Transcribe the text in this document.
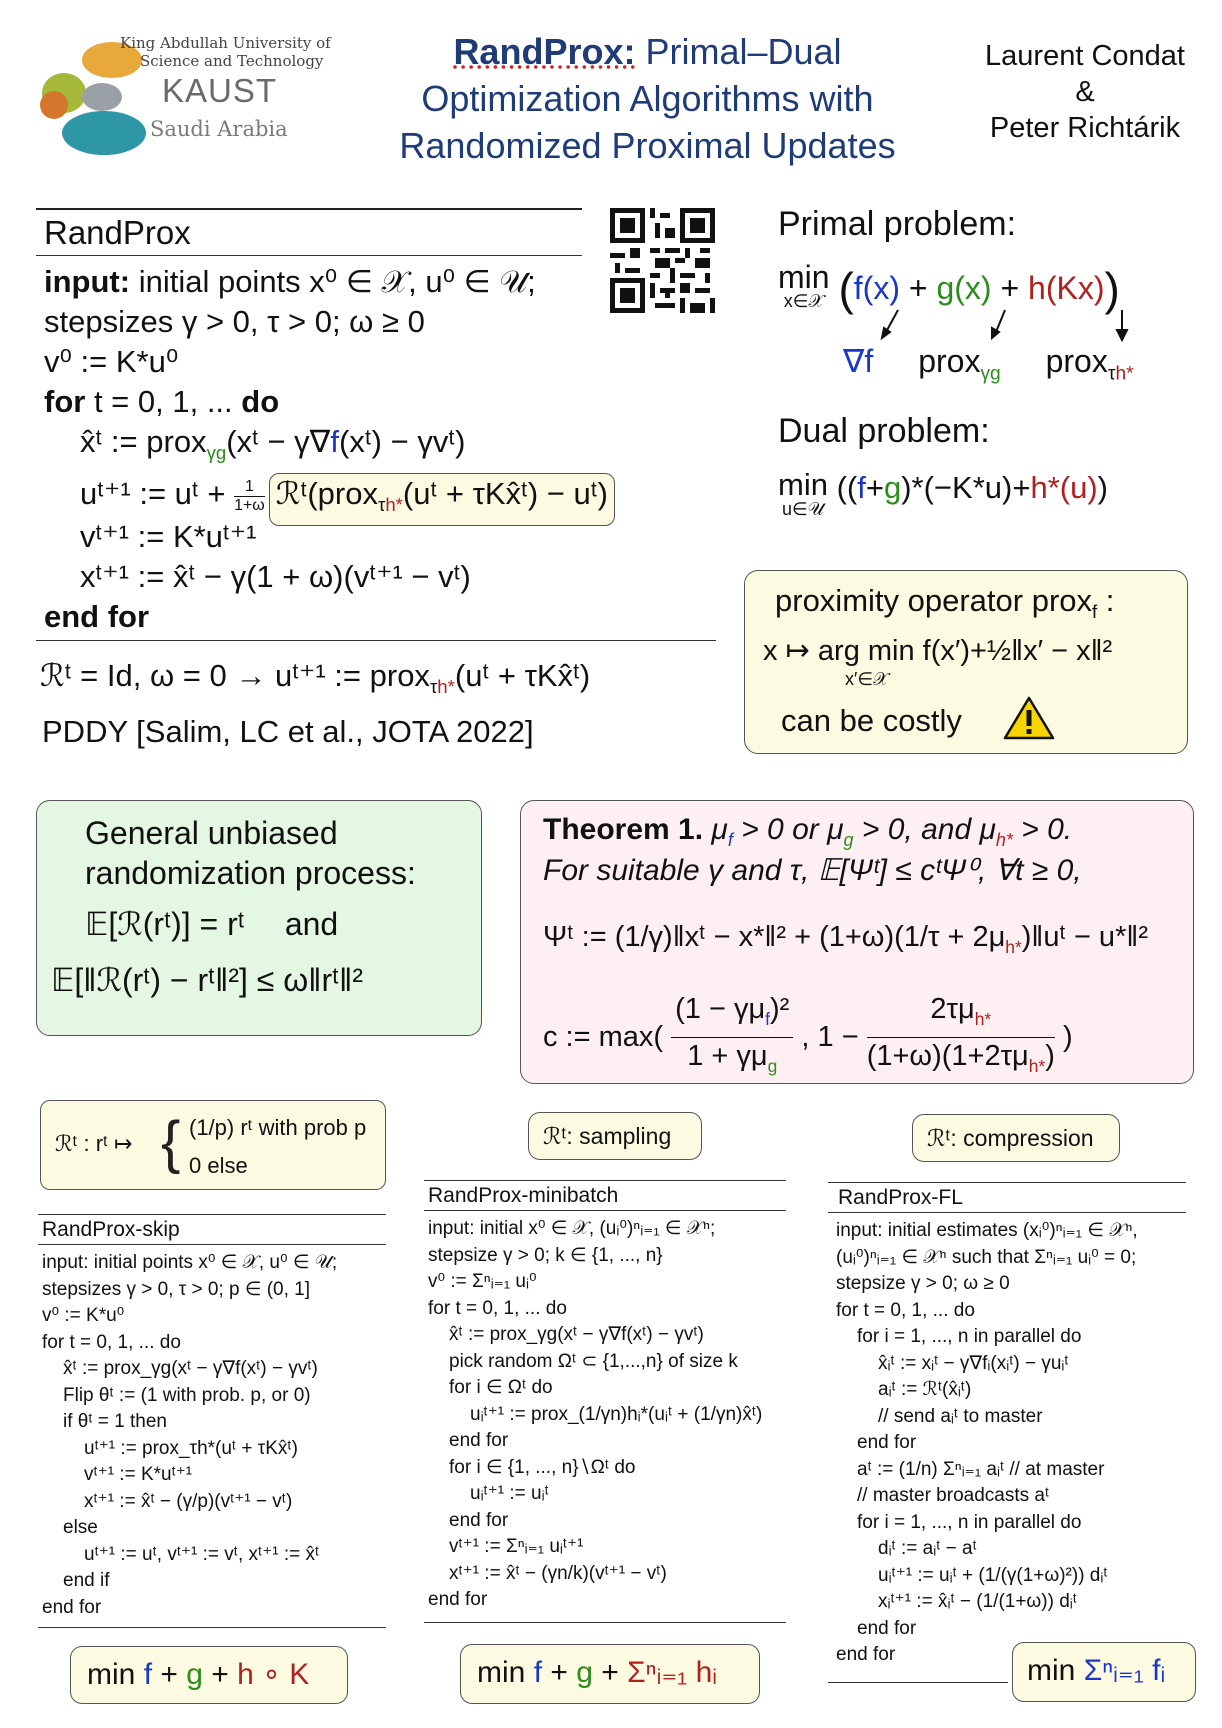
King Abdullah University of
Science and Technology
KAUST
Saudi Arabia
RandProx: Primal–Dual
Optimization Algorithms with
Randomized Proximal Updates
Laurent Condat
&
Peter Richtárik
RandProx
input: initial points x⁰ ∈ 𝒳, u⁰ ∈ 𝒰;
stepsizes γ > 0, τ > 0; ω ≥ 0
v⁰ := K*u⁰
for t = 0, 1, ... do
x̂ᵗ := prox$_{\gamma g}$(xᵗ − γ∇f(xᵗ) − γvᵗ)
uᵗ⁺¹ := uᵗ + $\frac{1}{1+\omega}$ ℛᵗ(prox$_{\tau h*}$(uᵗ + τKx̂ᵗ) − uᵗ)
vᵗ⁺¹ := K*uᵗ⁺¹
xᵗ⁺¹ := x̂ᵗ − γ(1 + ω)(vᵗ⁺¹ − vᵗ)
end for
ℛᵗ = Id, ω = 0 → uᵗ⁺¹ := prox$_{\tau h*}$(uᵗ + τKx̂ᵗ)
PDDY [Salim, LC et al., JOTA 2022]
Primal problem:
min
x∈𝒳 (f(x) + g(x) + h(Kx))
∇f prox$_{\gamma g}$ prox$_{\tau h*}$
Dual problem:
min
u∈𝒰
((f+g)*(−K*u)+h*(u))
proximity operator prox$_f$ :
x ↦ arg min f(x′)+½‖x′ − x‖²
x′∈𝒳
can be costly
General unbiased
randomization process:
𝔼[ℛ(rᵗ)] = rᵗ and
𝔼[‖ℛ(rᵗ) − rᵗ‖²] ≤ ω‖rᵗ‖²
Theorem 1. $\mu_f > 0$ or $\mu_g > 0$, and $\mu_{h*} > 0$.
For suitable γ and τ, 𝔼[Ψᵗ] ≤ cᵗΨ⁰, ∀t ≥ 0,
Ψᵗ := (1/γ)‖xᵗ − x*‖² + $(1+\omega)(1/\tau + 2\mu_{h*})‖uᵗ$ − u*‖²
c := max(
$(1 - \gamma\mu_f)^2$
$1 + \gamma\mu_g$
, 1 −
$2\tau\mu_{h*}$
$(1+\omega)(1+2\tau\mu_{h*})$
)
ℛᵗ : rᵗ ↦ { (1/p) rᵗ with prob p
0 else
RandProx-skip
input: initial points x⁰ ∈ 𝒳, u⁰ ∈ 𝒰;
stepsizes γ > 0, τ > 0; p ∈ (0, 1]
v⁰ := K*u⁰
for t = 0, 1, ... do
x̂ᵗ := prox_γg(xᵗ − γ∇f(xᵗ) − γvᵗ)
Flip θᵗ := (1 with prob. p, or 0)
if θᵗ = 1 then
uᵗ⁺¹ := prox_τh*(uᵗ + τKx̂ᵗ)
vᵗ⁺¹ := K*uᵗ⁺¹
xᵗ⁺¹ := x̂ᵗ − (γ/p)(vᵗ⁺¹ − vᵗ)
else
uᵗ⁺¹ := uᵗ, vᵗ⁺¹ := vᵗ, xᵗ⁺¹ := x̂ᵗ
end if
end for
min f + g + h ∘ K
ℛᵗ: sampling
RandProx-minibatch
input: initial x⁰ ∈ 𝒳, (uᵢ⁰)ⁿᵢ₌₁ ∈ 𝒳ⁿ;
stepsize γ > 0; k ∈ {1, ..., n}
v⁰ := Σⁿᵢ₌₁ uᵢ⁰
for t = 0, 1, ... do
x̂ᵗ := prox_γg(xᵗ − γ∇f(xᵗ) − γvᵗ)
pick random Ωᵗ ⊂ {1,...,n} of size k
for i ∈ Ωᵗ do
uᵢᵗ⁺¹ := prox_(1/γn)hᵢ*(uᵢᵗ + (1/γn)x̂ᵗ)
end for
for i ∈ {1, ..., n}∖Ωᵗ do
uᵢᵗ⁺¹ := uᵢᵗ
end for
vᵗ⁺¹ := Σⁿᵢ₌₁ uᵢᵗ⁺¹
xᵗ⁺¹ := x̂ᵗ − (γn/k)(vᵗ⁺¹ − vᵗ)
end for
min f + g + Σⁿᵢ₌₁ hᵢ
ℛᵗ: compression
RandProx-FL
input: initial estimates (xᵢ⁰)ⁿᵢ₌₁ ∈ 𝒳ⁿ,
(uᵢ⁰)ⁿᵢ₌₁ ∈ 𝒳ⁿ such that Σⁿᵢ₌₁ uᵢ⁰ = 0;
stepsize γ > 0; ω ≥ 0
for t = 0, 1, ... do
for i = 1, ..., n in parallel do
x̂ᵢᵗ := xᵢᵗ − γ∇fᵢ(xᵢᵗ) − γuᵢᵗ
aᵢᵗ := ℛᵗ(x̂ᵢᵗ)
// send aᵢᵗ to master
end for
aᵗ := (1/n) Σⁿᵢ₌₁ aᵢᵗ // at master
// master broadcasts aᵗ
for i = 1, ..., n in parallel do
dᵢᵗ := aᵢᵗ − aᵗ
uᵢᵗ⁺¹ := uᵢᵗ + (1/(γ(1+ω)²)) dᵢᵗ
xᵢᵗ⁺¹ := x̂ᵢᵗ − (1/(1+ω)) dᵢᵗ
end for
end for	min Σⁿᵢ₌₁ fᵢ
